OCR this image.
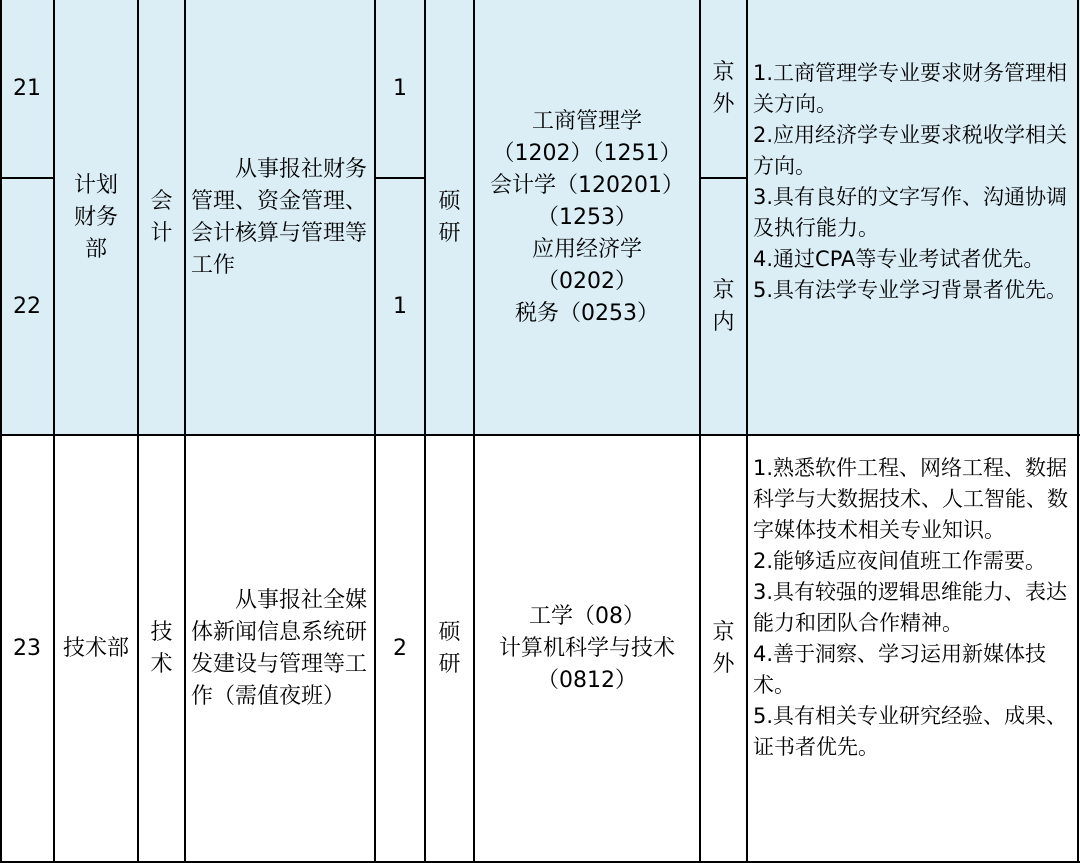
21
22
计划财务部
会计
从事报社财务管理、资金管理、会计核算与管理等工作
1
1
硕研
工商管理学
（1202）（1251）
会计学（120201）
（1253）
应用经济学
（0202）
税务（0253）
京外
京内
1.工商管理学专业要求财务管理相关方向。
2.应用经济学专业要求税收学相关方向。
3.具有良好的文字写作、沟通协调及执行能力。
4.通过CPA等专业考试者优先。
5.具有法学专业学习背景者优先。
23 技术部
技术
从事报社全媒体新闻信息系统研发建设与管理等工作（需值夜班）
2
硕研
工学（08）
计算机科学与技术
（0812）
京外
1.熟悉软件工程、网络工程、数据科学与大数据技术、人工智能、数字媒体技术相关专业知识。
2.能够适应夜间值班工作需要。
3.具有较强的逻辑思维能力、表达能力和团队合作精神。
4.善于洞察、学习运用新媒体技术。
5.具有相关专业研究经验、成果、证书者优先。
